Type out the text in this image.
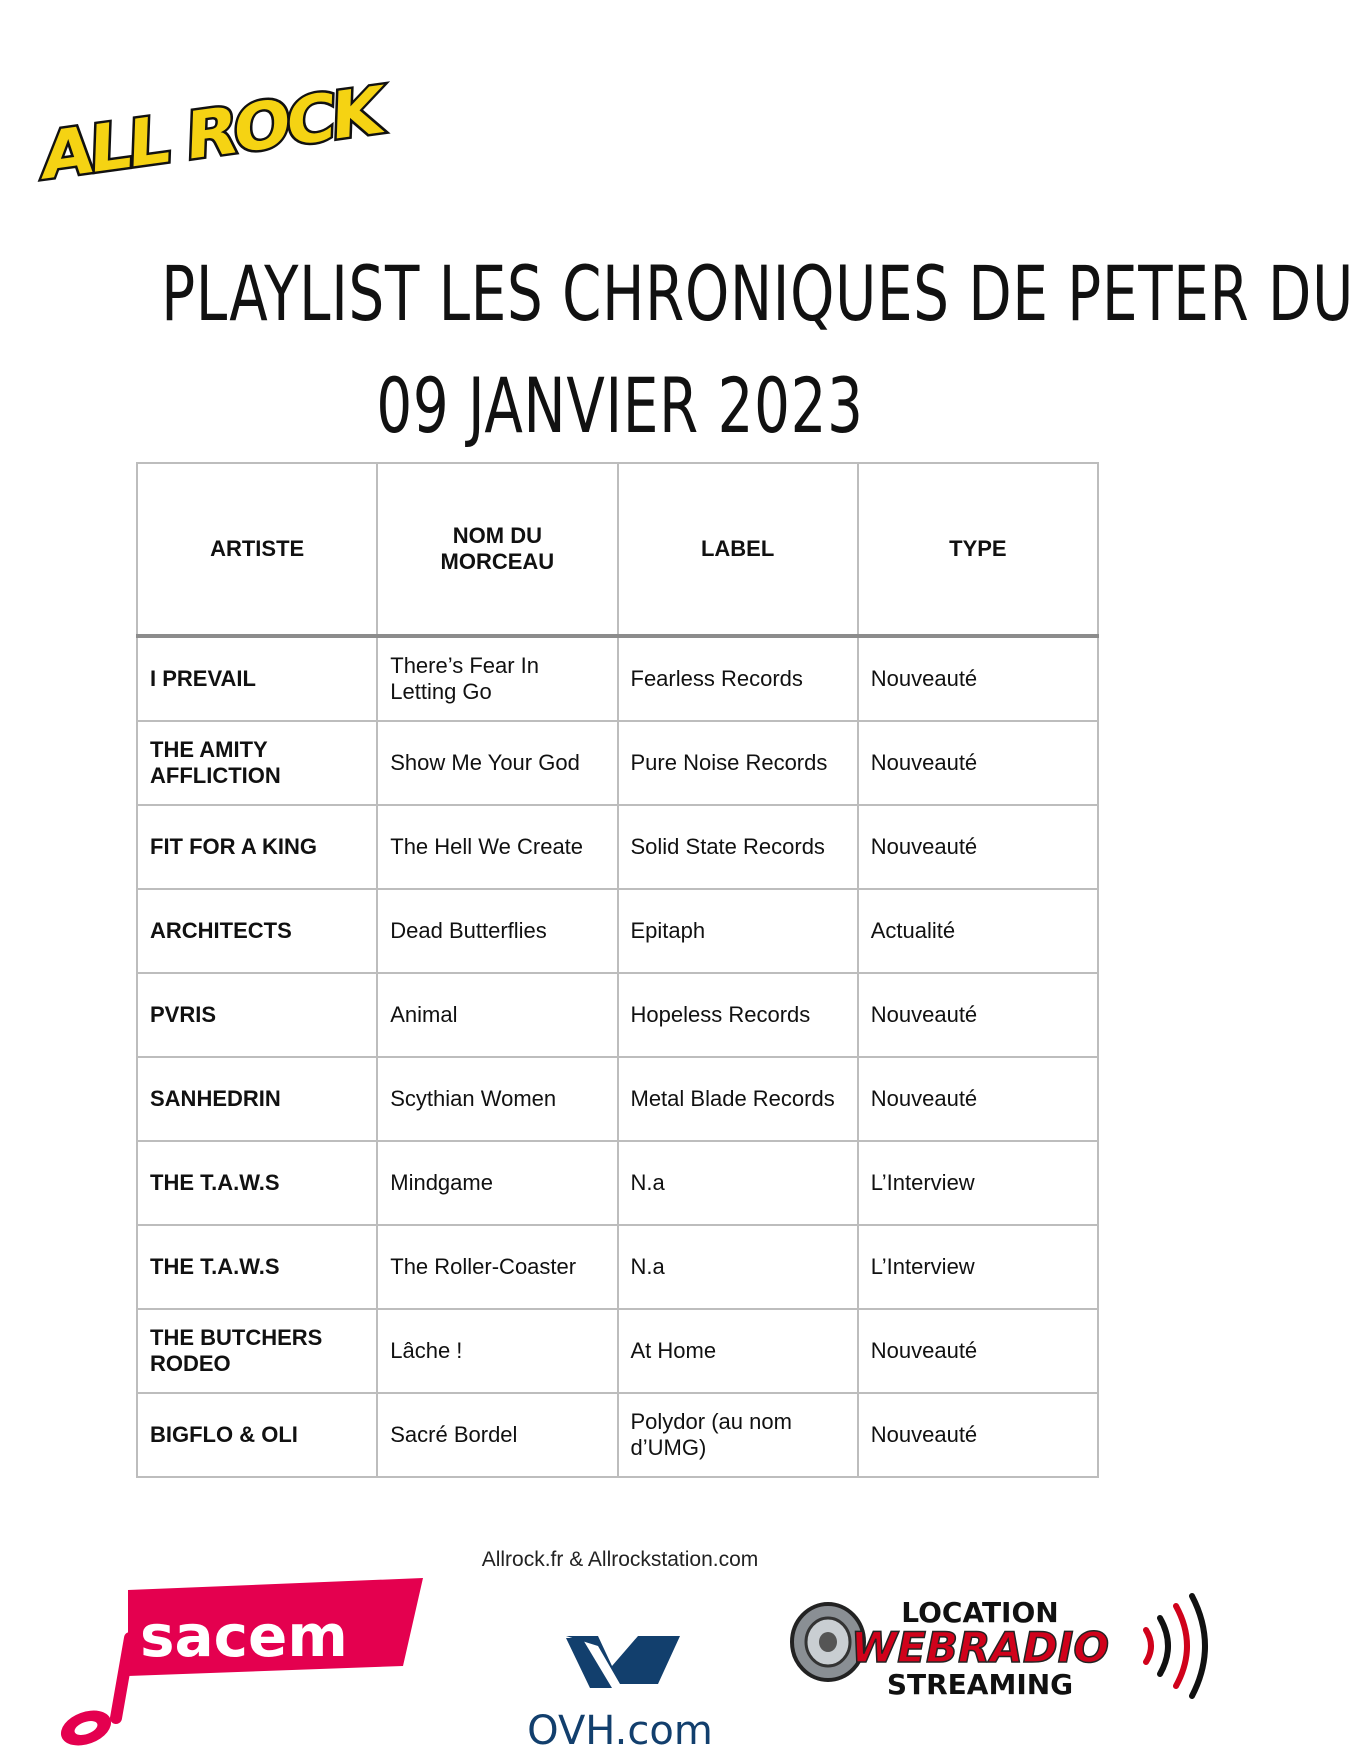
ALL ROCK
PLAYLIST LES CHRONIQUES DE PETER DU
09 JANVIER 2023
ARTISTE	NOM DU MORCEAU	LABEL	TYPE
I PREVAIL	There’s Fear In Letting Go	Fearless Records	Nouveauté
THE AMITY AFFLICTION	Show Me Your God	Pure Noise Records	Nouveauté
FIT FOR A KING	The Hell We Create	Solid State Records	Nouveauté
ARCHITECTS	Dead Butterflies	Epitaph	Actualité
PVRIS	Animal	Hopeless Records	Nouveauté
SANHEDRIN	Scythian Women	Metal Blade Records	Nouveauté
THE T.A.W.S	Mindgame	N.a	L’Interview
THE T.A.W.S	The Roller-Coaster	N.a	L’Interview
THE BUTCHERS RODEO	Lâche !	At Home	Nouveauté
BIGFLO & OLI	Sacré Bordel	Polydor (au nom d’UMG)	Nouveauté
Allrock.fr & Allrockstation.com
sacem
OVH.com
LOCATION
WEBRADIO
STREAMING
